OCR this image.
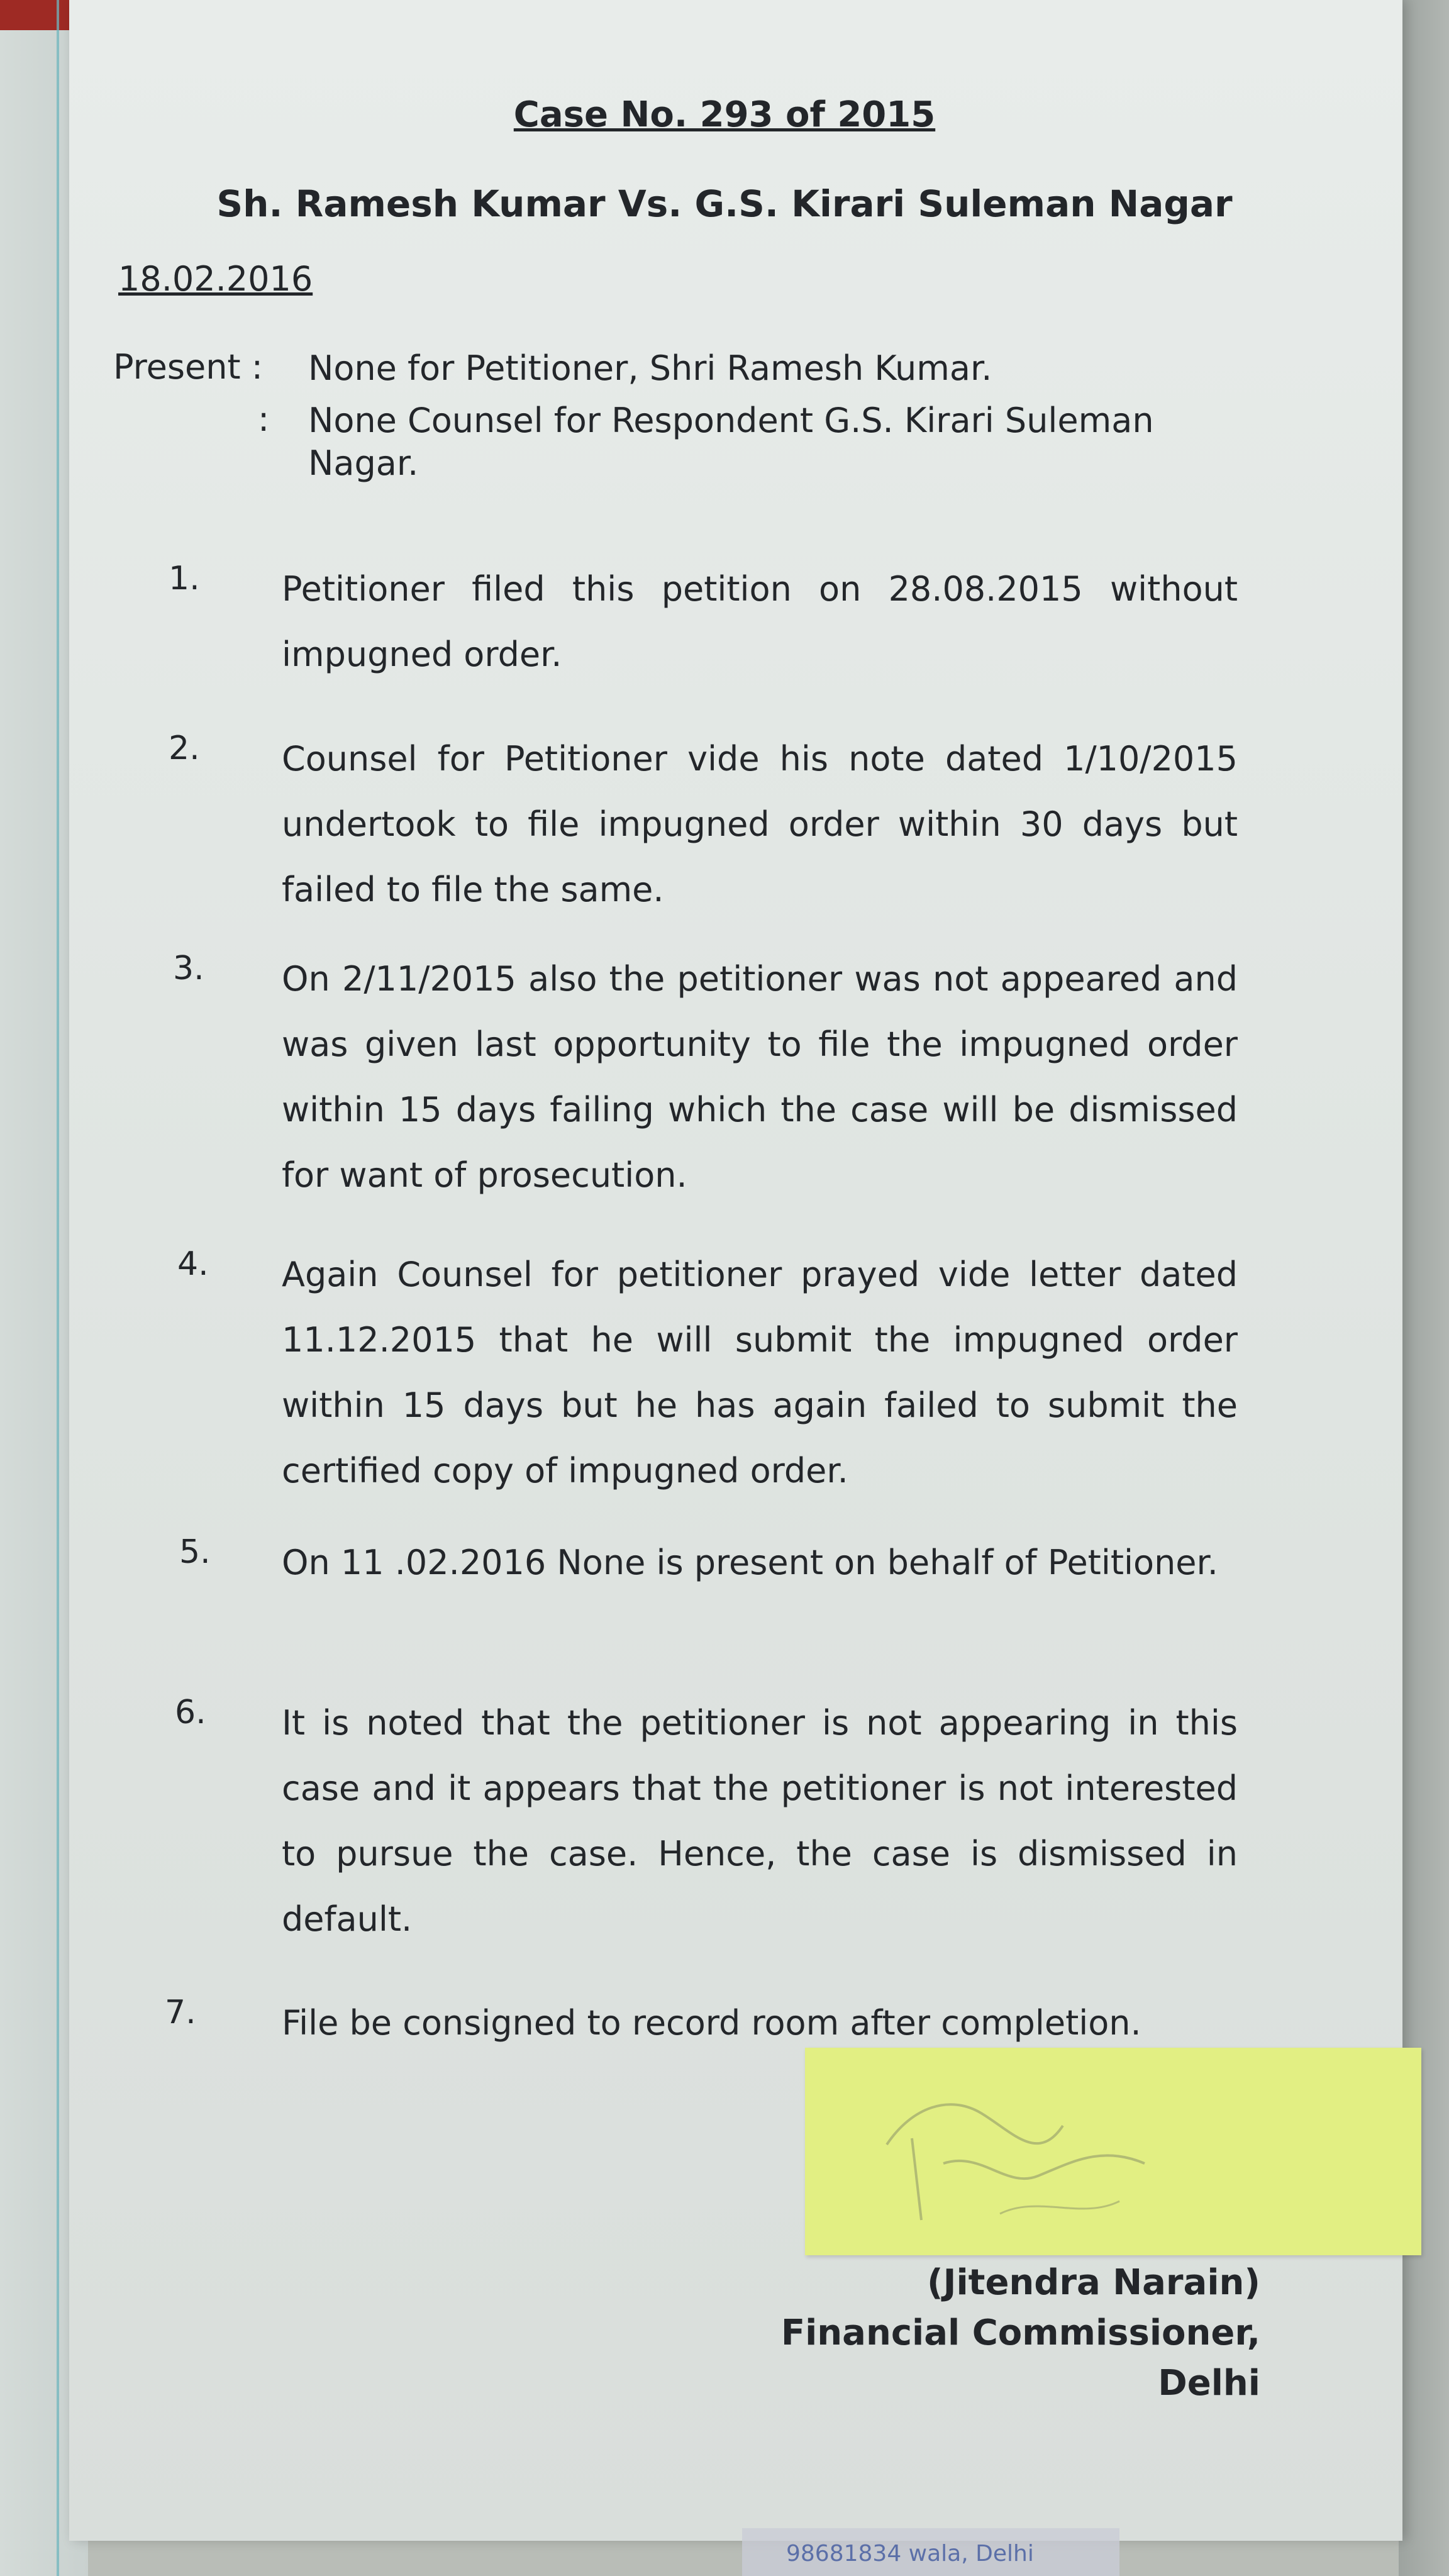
Case No. 293 of 2015
Sh. Ramesh Kumar Vs. G.S. Kirari Suleman Nagar
18.02.2016
Present : None for Petitioner, Shri Ramesh Kumar.
: None Counsel for Respondent G.S. Kirari Suleman Nagar.
1. Petitioner filed this petition on 28.08.2015 without impugned order.
2. Counsel for Petitioner vide his note dated 1/10/2015 undertook to file impugned order within 30 days but failed to file the same.
3. On 2/11/2015 also the petitioner was not appeared and was given last opportunity to file the impugned order within 15 days failing which the case will be dismissed for want of prosecution.
4. Again Counsel for petitioner prayed vide letter dated 11.12.2015 that he will submit the impugned order within 15 days but he has again failed to submit the certified copy of impugned order.
5. On 11 .02.2016 None is present on behalf of Petitioner.
6. It is noted that the petitioner is not appearing in this case and it appears that the petitioner is not interested to pursue the case. Hence, the case is dismissed in default.
7.	File be consigned to record room after completion.
(Jitendra Narain)
Financial Commissioner,
Delhi
98681834 wala, Delhi
